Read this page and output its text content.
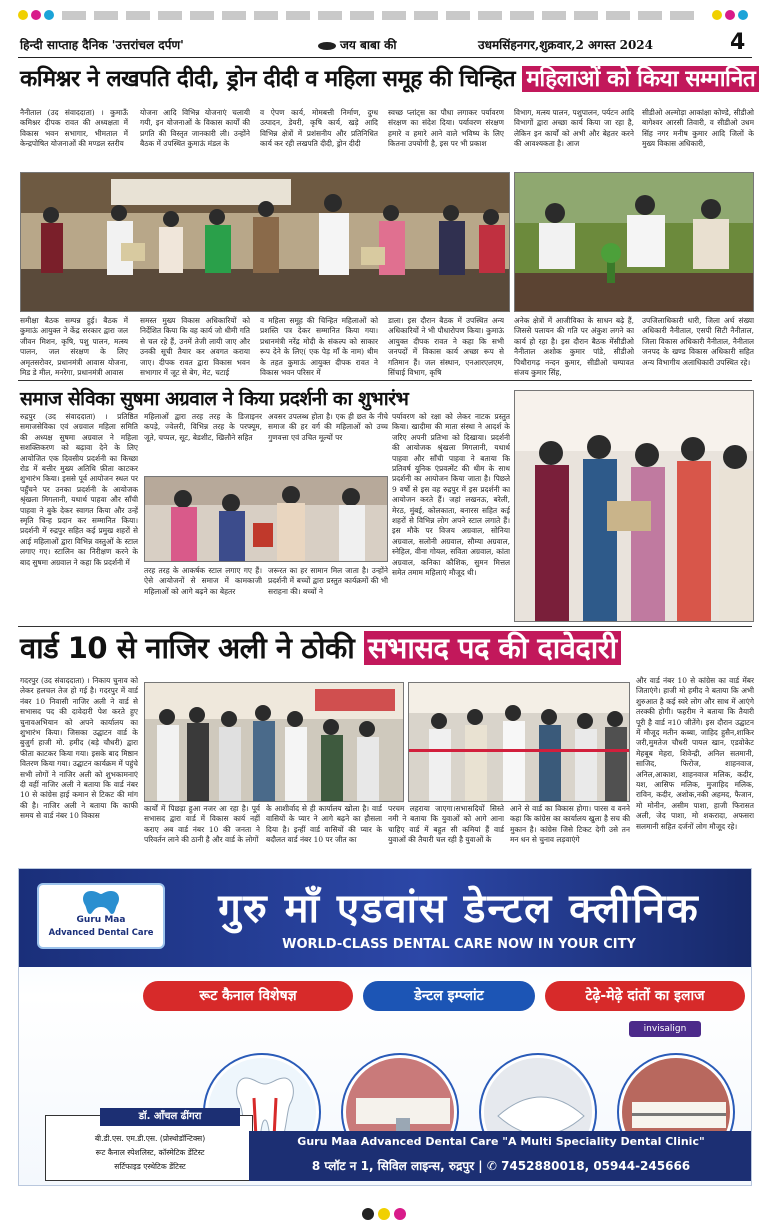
हिन्दी साप्ताह दैनिक 'उत्तरांचल दर्पण'	जय बाबा की	उधमसिंहनगर,शुक्रवार,2 अगस्त 2024	4
कमिश्नर ने लखपति दीदी, ड्रोन दीदी व महिला समूह की चिन्हित महिलाओं को किया सम्मानित
नैनीताल (उद संवाददाता) । कुमाऊँ कमिश्नर दीपक रावत की अध्यक्षता में विकास भवन सभागार, भीमताल में केन्द्रपोषित योजनाओं की मण्डल स्तरीय
योजना आदि विभिन्न योजनाएं चलायी गयी, इन योजनाओं के विकास कार्यों की प्रगति की विस्तृत जानकारी ली। उन्होंने बैठक में उपस्थित कुमाऊं मंडल के
व ऐपण कार्य, मोमबत्ती निर्माण, दुग्ध उत्पादन, डेयरी, कृषि कार्य, खड़े आदि विभिन्न क्षेत्रों में प्रशंसनीय और प्रतिनिधित कार्य कर रही लखपति दीदी, ड्रोन दीदी
स्वच्छ प्लांट्स का पौधा लगाकर पर्यावरण संरक्षण का संदेश दिया। पर्यावरण संरक्षण हमारे व हमारे आने वाले भविष्य के लिए कितना उपयोगी है, इस पर भी प्रकाश
विभाग, मत्स्य पालन, पशुपालन, पर्यटन आदि विभागों द्वारा अच्छा कार्य किया जा रहा है, लेकिन इन कार्यों को अभी और बेहतर करने की आवश्यकता है। आज
सीडीओ अल्मोड़ा आकांक्षा कोण्डे, सीडीओ बागेश्वर आरसी तिवारी, व सीडीओ उधम सिंह नगर मनीष कुमार आदि जिलों के मुख्य विकास अधिकारी,
समीक्षा बैठक सम्पन्न हुई। बैठक में कुमाऊं आयुक्त ने केंद्र सरकार द्वारा जल जीवन मिशन, कृषि, पशु पालन, मत्स्य पालन, जल संरक्षण के लिए अमृतसरोवर, प्रधानमंत्री आवास योजना, मिड डे मील, मनरेगा, प्रधानमंत्री आवास
समस्त मुख्य विकास अधिकारियों को निर्देशित किया कि वह कार्य जो धीमी गति से चल रहे हैं, उनमें तेजी लायी जाए और उनकी सूची तैयार कर अवगत कराया जाए। दीपक रावत द्वारा विकास भवन सभागार में जूट से बेग, मेट, चटाई
व महिला समूह की चिन्हित महिलाओं को प्रशस्ति पत्र देकर सम्मानित किया गया। प्रधानमंत्री नरेंद्र मोदी के संकल्प को साकार रूप देने के लिए( एक पेड़ माँ के नाम) थीम के तहत कुमाऊं आयुक्त दीपक रावत ने विकास भवन परिसर में
डाला। इस दौरान बैठक में उपस्थित अन्य अधिकारियों ने भी पौधारोपण किया। कुमाऊं आयुक्त दीपक रावत ने कहा कि सभी जनपदों में विकास कार्य अच्छा रूप से गतिमान हैं। जल संस्थान, एनआरएलएम, सिंचाई विभाग, कृषि
अनेक क्षेत्रों में आजीविका के साधन बढ़े हैं, जिससे पलायन की गति पर अंकुश लगने का कार्य हो रहा है। इस दौरान बैठक मेंसीडीओ नैनीताल अशोक कुमार पांडे, सीडीओ पिथौरागढ़ नन्दन कुमार, सीडीओ चम्पावत संजय कुमार सिंह,
उपजिलाधिकारी धारी, जिला अर्थ संख्या अधिकारी नैनीताल, एसपी सिटी नैनीताल, जिला विकास अधिकारी नैनीताल, नैनीताल जनपद के खण्ड विकास अधिकारी सहित अन्य विभागीय अलाधिकारी उपस्थित रहे।
समाज सेविका सुषमा अग्रवाल ने किया प्रदर्शनी का शुभारंभ
रुद्रपुर (उद संवाददाता) । प्रतिष्ठित समाजसेविका एवं अग्रवाल महिला समिति की अध्यक्ष सुषमा अग्रवाल ने महिला सशक्तिकरण को बढ़ावा देने के लिए आयोजित एक दिवसीय प्रदर्शनी का किच्छा रोड में बत्तीर मुख्य अतिथि फ़ीता काटकर शुभारंभ किया। इससे पूर्व आयोजन स्थल पर पहुँचने पर उनका प्रदर्शनी के आयोजक श्रृंखला मिगलानी, यथार्थ पाहवा और साँची पाहवा ने बुके देकर स्वागत किया और उन्हें स्मृति चिन्ह प्रदान कर सम्मानित किया। प्रदर्शनी में रुद्रपुर सहित कई प्रमुख शहरों से आई महिलाओं द्वारा विभिन्न वस्तुओं के स्टाल लगाए गए। स्टालिन का निरीक्षण करने के बाद सुषमा अग्रवाल ने कहा कि प्रदर्शनी में
महिलाओं द्वारा तरह तरह के डिजाइनर कपड़े, ज्वेलरी, विभिन्न तरह के परफ्यूम, जूते, चप्पल, सूट, बेडशीट, खिलौने सहित
अवसर उपलब्ध होता है। एक ही छत के नीचे समाज की हर वर्ग की महिलाओं को उच्च गुणवत्ता एवं उचित मूल्यों पर
पर्यावरण को रक्षा को लेकर नाटक प्रस्तुत किया। खादीमा की माता संस्था ने आदर्श के जरिए अपनी प्रतिभा को दिखाया। प्रदर्शनी की आयोजक श्रृंखला मिगलानी, यथार्थ पाहवा और साँची पाहवा ने बताया कि प्रतिवर्ष यूनिक एंप्रवत्मेंट की थीम के साथ प्रदर्शनी का आयोजन किया जाता है। पिछले 9 वर्षों से इस वह रुद्रपुर में इस प्रदर्शनी का आयोजन करते हैं। जहां लखनऊ, बरेली, मेरठ, मुंबई, कोलकाता, बनारस सहित कई शहरों से विभिन्न लोग अपने स्टाल लगाते हैं। इस मौके पर विजय अग्रवाल, सोनिया अग्रवाल, सलोनी अग्रवाल, सौम्या अग्रवाल, स्नेहिल, वीना गोयल, सविता अग्रवाल, कांता अग्रवाल, कनिका कौशिक, सुमन मित्तल समेत तमाम महिलाएं मौजूद थी।
तरह तरह के आकर्षक स्टाल लगाए गए हैं। ऐसे आयोजनों से समाज में कामकाजी महिलाओं को आगे बढ़ने का बेहतर
जरूरत का हर सामान मिल जाता है। उन्होंने प्रदर्शनी में बच्चों द्वारा प्रस्तुत कार्यक्रमों की भी सराहना की। बच्चों ने
वार्ड 10 से नाजिर अली ने ठोकी सभासद पद की दावेदारी
गदरपुर (उद संवाददाता) । निकाय चुनाव को लेकर हलचल तेज हो गई है। गदरपुर में वार्ड नंबर 10 निवासी नाजिर अली ने वार्ड से सभासद पद की दावेदारी पेश करते हुए चुनावअभियान को अपने कार्यालय का शुभारंभ किया। जिसका उद्घाटन वार्ड के बुजुर्ग हाजी मो. हमीद (बड़े चौधरी) द्वारा फीता काटकर किया गया। इसके बाद मिष्ठान वितरण किया गया। उद्घाटन कार्यक्रम में पहुंचे सभी लोगों ने नाजिर अली को शुभकामनाएं दी वहीं नाजिर अली ने बताया कि वार्ड नंबर 10 से कांग्रेस हाई कमान से टिकट की मांग की है। नाजिर अली ने बताया कि काफी समय से वार्ड नंबर 10 विकास
कार्यों में पिछड़ा हुआ नजर आ रहा है। पूर्व सभासद द्वारा वार्ड में विकास कार्य नहीं कराए अब वार्ड नंबर 10 की जनता ने परिवर्तन लाने की ठानी है और वार्ड के लोगों
के आशीर्वाद से ही कार्यालय खोला है। वार्ड वासियों के प्यार ने आगे बढ़ने का हौसला दिया है। इन्हीं वार्ड वासियों की प्यार के बदौलत वार्ड नंबर 10 पर जीत का
परचम लहराया जाएगा।सभासदियों सिस्ते नमी ने बताया कि युवाओं को आगे आना चाहिए वार्ड में बहुत सी कमियां हैं वार्ड युवाओं की तैयारी चल रही है युवाओं के
आने से वार्ड का विकास होगा। पारस व वनने कहा कि कांग्रेस का कार्यालय खुला है सच की मुकान है। कांग्रेस जिसे टिकट देगी उसे तन मन धन से चुनाव लड़वाएंगे
और वार्ड नंबर 10 से कांग्रेस का वार्ड मेंबर जिताएंगे। हाजी मो हमीद ने बताया कि अभी शुरुआत है कई स्वरे लोग और साथ में आएंगे तरक्की होगी। फहरीम ने बताया कि तैयारी पूरी है वार्ड न10 जीतेंगे। इस दौरान उद्घाटन में मौजूद मतीन कब्बा, जाहिद हुसैन,शाकिर जरी,मुमतेज चौधरी पायल खान, एडवोकेट मेहबूब मेहरा, शिवेन्द्री, अनिल सतमानी, साजिद, फिरोज, शाहनवाज, अनिल,आकाश, शाहनवाज मलिक, कदीर, यश, आसिफ मलिक, मुजाहिद मलिक, राविन, कदीर, अशोक,नकी अहमद, फैजान, मो मोनीन, असीम पाशा, हाजी फिरासत अली, जेद पाशा, मो शकरादा, अफसरा सलमानी सहित दर्जनों लोग मौजूद रहे।
Guru Maa
Advanced Dental Care	गुरु माँ एडवांस डेन्टल क्लीनिक
WORLD-CLASS DENTAL CARE NOW IN YOUR CITY
रूट कैनाल विशेषज्ञ	डेन्टल इम्प्लांट	टेढ़े-मेढ़े दांतों का इलाज
invisalign
डॉ. आँचल ढींगरा
बी.डी.एस. एम.डी.एस. (प्रोस्थोडॉन्टिक्स)
रूट कैनाल स्पेशलिस्ट, कॉस्मेटिक डेंटिस्ट
सर्टिफाइड एस्थेटिक डेंटिस्ट
Guru Maa Advanced Dental Care "A Multi Speciality Dental Clinic"
8 प्लॉट न 1, सिविल लाइन्स, रुद्रपुर | ✆ 7452880018, 05944-245666
